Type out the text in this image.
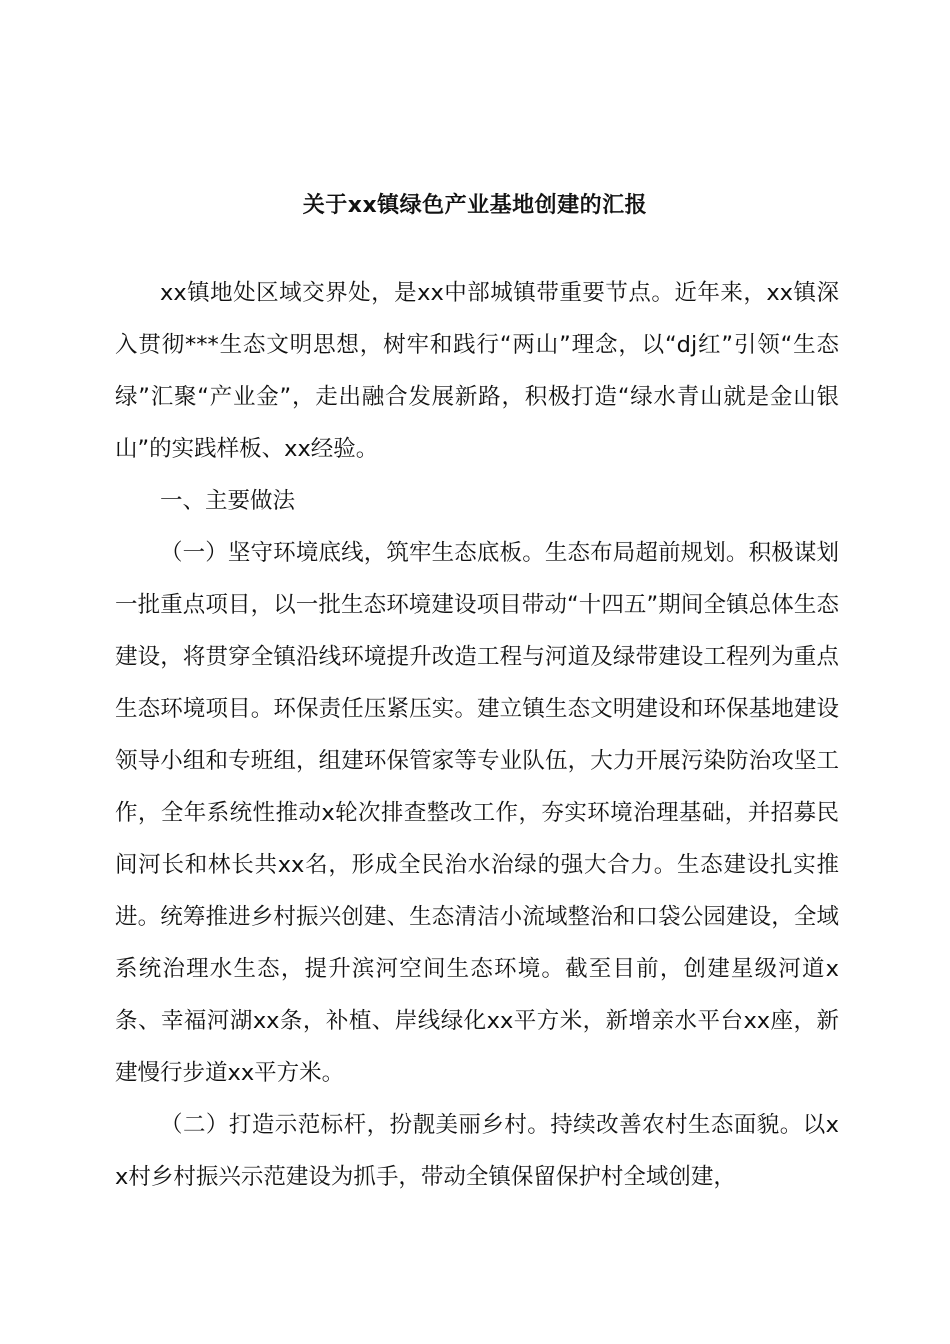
关于xx镇绿色产业基地创建的汇报

xx镇地处区域交界处，是xx中部城镇带重要节点。近年来，xx镇深入贯彻***生态文明思想，树牢和践行“两山”理念，以“dj红”引领“生态绿”汇聚“产业金”，走出融合发展新路，积极打造“绿水青山就是金山银山”的实践样板、xx经验。

一、主要做法

（一）坚守环境底线，筑牢生态底板。生态布局超前规划。积极谋划一批重点项目，以一批生态环境建设项目带动“十四五”期间全镇总体生态建设，将贯穿全镇沿线环境提升改造工程与河道及绿带建设工程列为重点生态环境项目。环保责任压紧压实。建立镇生态文明建设和环保基地建设领导小组和专班组，组建环保管家等专业队伍，大力开展污染防治攻坚工作，全年系统性推动x轮次排查整改工作，夯实环境治理基础，并招募民间河长和林长共xx名，形成全民治水治绿的强大合力。生态建设扎实推进。统筹推进乡村振兴创建、生态清洁小流域整治和口袋公园建设，全域系统治理水生态，提升滨河空间生态环境。截至目前，创建星级河道x条、幸福河湖xx条，补植、岸线绿化xx平方米，新增亲水平台xx座，新建慢行步道xx平方米。

（二）打造示范标杆，扮靓美丽乡村。持续改善农村生态面貌。以xx村乡村振兴示范建设为抓手，带动全镇保留保护村全域创建，
